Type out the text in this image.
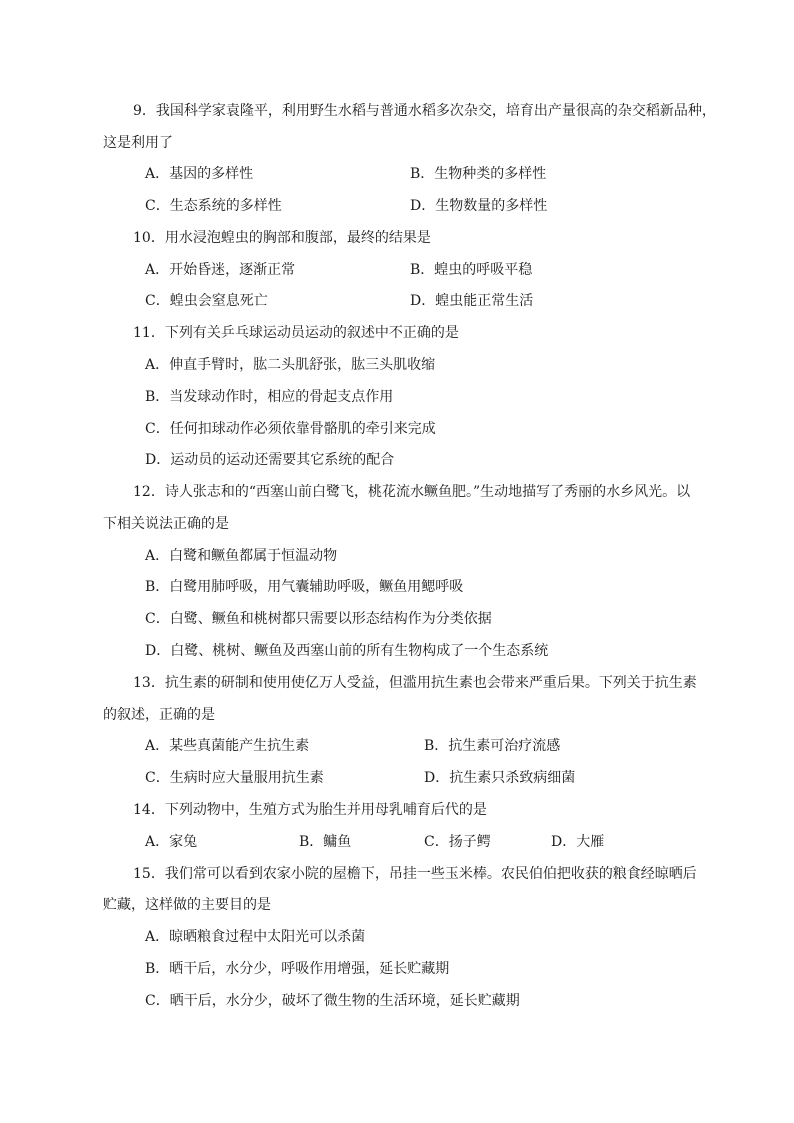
9．我国科学家袁隆平，利用野生水稻与普通水稻多次杂交，培育出产量很高的杂交稻新品种，
这是利用了
A．基因的多样性	B．生物种类的多样性
C．生态系统的多样性	D．生物数量的多样性
10．用水浸泡蝗虫的胸部和腹部，最终的结果是
A．开始昏迷，逐渐正常	B．蝗虫的呼吸平稳
C．蝗虫会窒息死亡	D．蝗虫能正常生活
11．下列有关乒乓球运动员运动的叙述中不正确的是
A．伸直手臂时，肱二头肌舒张，肱三头肌收缩
B．当发球动作时，相应的骨起支点作用
C．任何扣球动作必须依靠骨骼肌的牵引来完成
D．运动员的运动还需要其它系统的配合
12．诗人张志和的“西塞山前白鹭飞，桃花流水鳜鱼肥。”生动地描写了秀丽的水乡风光。以
下相关说法正确的是
A．白鹭和鳜鱼都属于恒温动物
B．白鹭用肺呼吸，用气囊辅助呼吸，鳜鱼用鳃呼吸
C．白鹭、鳜鱼和桃树都只需要以形态结构作为分类依据
D．白鹭、桃树、鳜鱼及西塞山前的所有生物构成了一个生态系统
13．抗生素的研制和使用使亿万人受益，但滥用抗生素也会带来严重后果。下列关于抗生素
的叙述，正确的是
A．某些真菌能产生抗生素	B．抗生素可治疗流感
C．生病时应大量服用抗生素	D．抗生素只杀致病细菌
14．下列动物中，生殖方式为胎生并用母乳哺育后代的是
A．家兔	B．鳙鱼	C．扬子鳄	D．大雁
15．我们常可以看到农家小院的屋檐下，吊挂一些玉米棒。农民伯伯把收获的粮食经晾晒后
贮藏，这样做的主要目的是
A．晾晒粮食过程中太阳光可以杀菌
B．晒干后，水分少，呼吸作用增强，延长贮藏期
C．晒干后，水分少，破坏了微生物的生活环境，延长贮藏期
